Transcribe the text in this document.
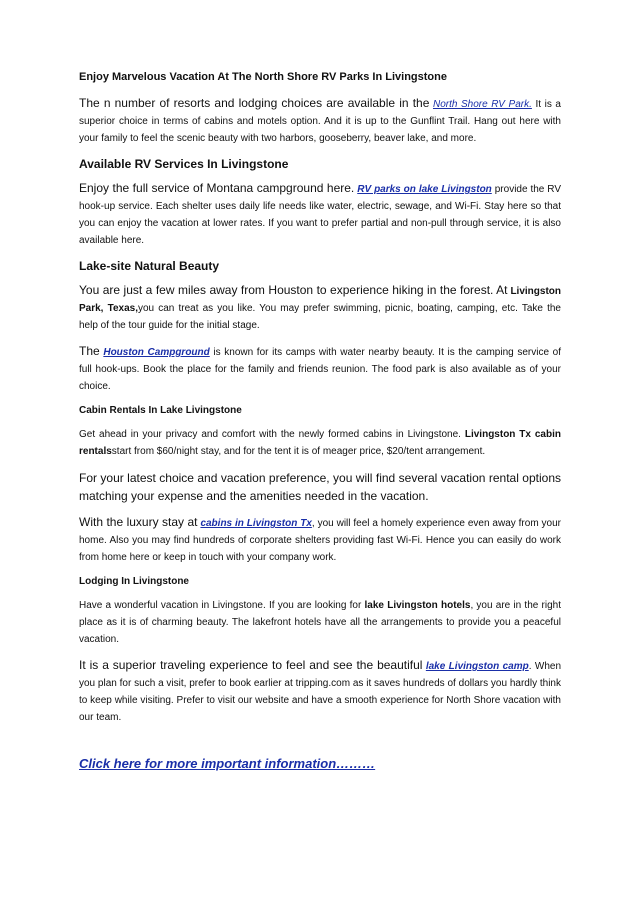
Enjoy Marvelous Vacation At The North Shore RV Parks In Livingstone

The n number of resorts and lodging choices are available in the North Shore RV Park. It is a superior choice in terms of cabins and motels option. And it is up to the Gunflint Trail. Hang out here with your family to feel the scenic beauty with two harbors, gooseberry, beaver lake, and more.

Available RV Services In Livingstone

Enjoy the full service of Montana campground here. RV parks on lake Livingston provide the RV hook-up service. Each shelter uses daily life needs like water, electric, sewage, and Wi-Fi. Stay here so that you can enjoy the vacation at lower rates. If you want to prefer partial and non-pull through service, it is also available here.

Lake-site Natural Beauty

You are just a few miles away from Houston to experience hiking in the forest. At Livingston Park, Texas,you can treat as you like. You may prefer swimming, picnic, boating, camping, etc. Take the help of the tour guide for the initial stage.

The Houston Campground is known for its camps with water nearby beauty. It is the camping service of full hook-ups. Book the place for the family and friends reunion. The food park is also available as of your choice.

Cabin Rentals In Lake Livingstone

Get ahead in your privacy and comfort with the newly formed cabins in Livingstone. Livingston Tx cabin rentalsstart from $60/night stay, and for the tent it is of meager price, $20/tent arrangement.

For your latest choice and vacation preference, you will find several vacation rental options matching your expense and the amenities needed in the vacation.

With the luxury stay at cabins in Livingston Tx, you will feel a homely experience even away from your home. Also you may find hundreds of corporate shelters providing fast Wi-Fi. Hence you can easily do work from home here or keep in touch with your company work.

Lodging In Livingstone

Have a wonderful vacation in Livingstone. If you are looking for lake Livingston hotels, you are in the right place as it is of charming beauty. The lakefront hotels have all the arrangements to provide you a peaceful vacation.

It is a superior traveling experience to feel and see the beautiful lake Livingston camp. When you plan for such a visit, prefer to book earlier at tripping.com as it saves hundreds of dollars you hardly think to keep while visiting. Prefer to visit our website and have a smooth experience for North Shore vacation with our team.

Click here for more important information………
